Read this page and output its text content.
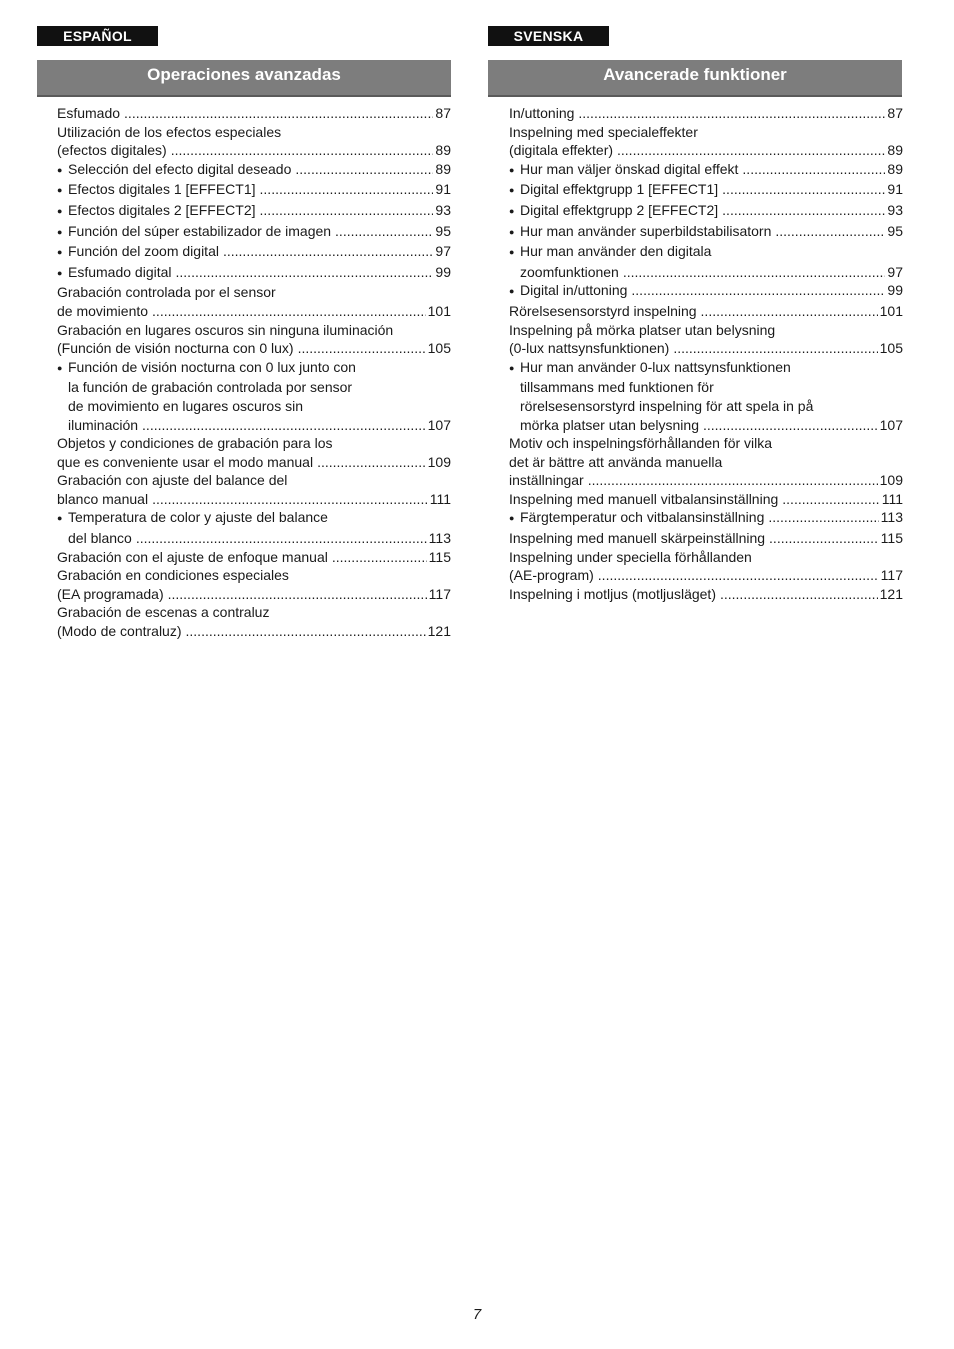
ESPAÑOL	SVENSKA
Operaciones avanzadas	Avancerade funktioner
Esfumado .....	87
Utilización de los efectos especiales
(efectos digitales) .....	89
● Selección del efecto digital deseado .....	89
● Efectos digitales 1 [EFFECT1] .....	91
● Efectos digitales 2 [EFFECT2] .....	93
● Función del súper estabilizador de imagen .....	95
● Función del zoom digital .....	97
● Esfumado digital .....	99
Grabación controlada por el sensor
de movimiento .....	101
Grabación en lugares oscuros sin ninguna iluminación
(Función de visión nocturna con 0 lux) .....	105
● Función de visión nocturna con 0 lux junto con
la función de grabación controlada por sensor
de movimiento en lugares oscuros sin
iluminación .....	107
Objetos y condiciones de grabación para los
que es conveniente usar el modo manual .....	109
Grabación con ajuste del balance del
blanco manual .....	111
● Temperatura de color y ajuste del balance
del blanco .....	113
Grabación con el ajuste de enfoque manual .....	115
Grabación en condiciones especiales
(EA programada) .....	117
Grabación de escenas a contraluz
(Modo de contraluz) .....	121
In/uttoning .....	87
Inspelning med specialeffekter
(digitala effekter) .....	89
● Hur man väljer önskad digital effekt .....	89
● Digital effektgrupp 1 [EFFECT1] .....	91
● Digital effektgrupp 2 [EFFECT2] .....	93
● Hur man använder superbildstabilisatorn .....	95
● Hur man använder den digitala
zoomfunktionen .....	97
● Digital in/uttoning .....	99
Rörelsesensorstyrd inspelning .....	101
Inspelning på mörka platser utan belysning
(0-lux nattsynsfunktionen) .....	105
● Hur man använder 0-lux nattsynsfunktionen
tillsammans med funktionen för
rörelsesensorstyrd inspelning för att spela in på
mörka platser utan belysning .....	107
Motiv och inspelningsförhållanden för vilka
det är bättre att använda manuella
inställningar .....	109
Inspelning med manuell vitbalansinställning .....	111
● Färgtemperatur och vitbalansinställning .....	113
Inspelning med manuell skärpeinställning .....	115
Inspelning under speciella förhållanden
(AE-program) .....	117
Inspelning i motljus (motljusläget) .....	121
7
